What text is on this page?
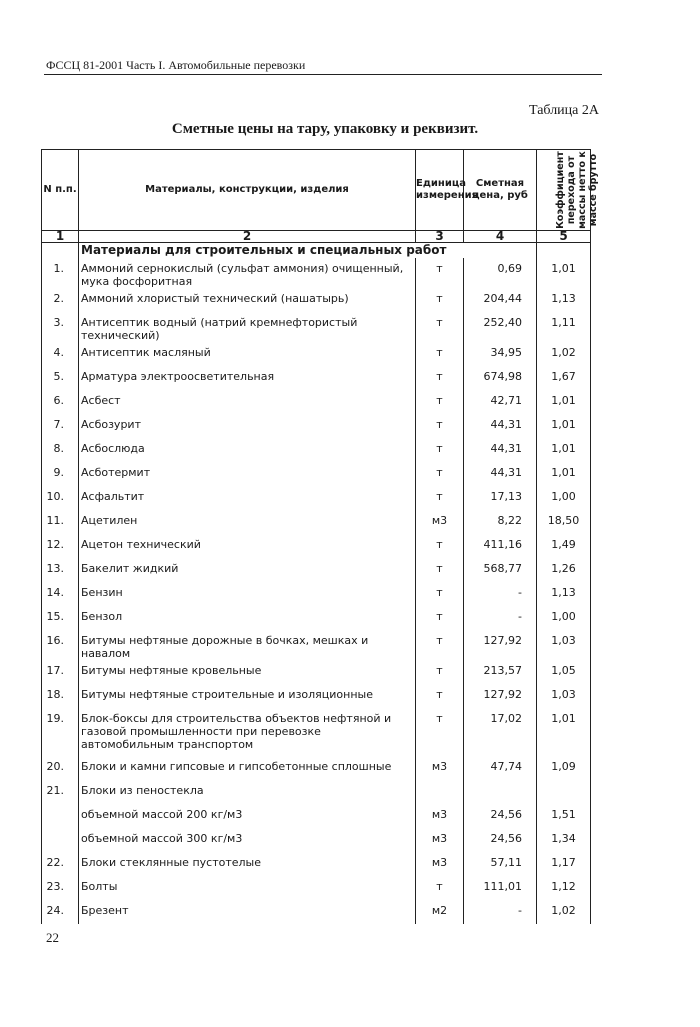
ФССЦ 81-2001 Часть I. Автомобильные перевозки
Таблица 2А
Сметные цены на тару, упаковку и реквизит.
N п.п.	Материалы, конструкции, изделия	Единица измерения	Сметная цена, руб	Коэффициент перехода от массы нетто к массе брутто
1	2	3	4	5
	Материалы для строительных и специальных работ			
1.	Аммоний сернокислый (сульфат аммония) очищенный, мука фосфоритная	т	0,69	1,01
2.	Аммоний хлористый технический (нашатырь)	т	204,44	1,13
3.	Антисептик водный (натрий кремнефтористый технический)	т	252,40	1,11
4.	Антисептик масляный	т	34,95	1,02
5.	Арматура электроосветительная	т	674,98	1,67
6.	Асбест	т	42,71	1,01
7.	Асбозурит	т	44,31	1,01
8.	Асбослюда	т	44,31	1,01
9.	Асботермит	т	44,31	1,01
10.	Асфальтит	т	17,13	1,00
11.	Ацетилен	м3	8,22	18,50
12.	Ацетон технический	т	411,16	1,49
13.	Бакелит жидкий	т	568,77	1,26
14.	Бензин	т	-	1,13
15.	Бензол	т	-	1,00
16.	Битумы нефтяные дорожные в бочках, мешках и навалом	т	127,92	1,03
17.	Битумы нефтяные кровельные	т	213,57	1,05
18.	Битумы нефтяные строительные и изоляционные	т	127,92	1,03
19.	Блок-боксы для строительства объектов нефтяной и газовой промышленности при перевозке автомобильным транспортом	т	17,02	1,01
20.	Блоки и камни гипсовые и гипсобетонные сплошные	м3	47,74	1,09
21.	Блоки из пеностекла			
	объемной массой 200 кг/м3	м3	24,56	1,51
	объемной массой 300 кг/м3	м3	24,56	1,34
22.	Блоки стеклянные пустотелые	м3	57,11	1,17
23.	Болты	т	111,01	1,12
24.	Брезент	м2	-	1,02
22
